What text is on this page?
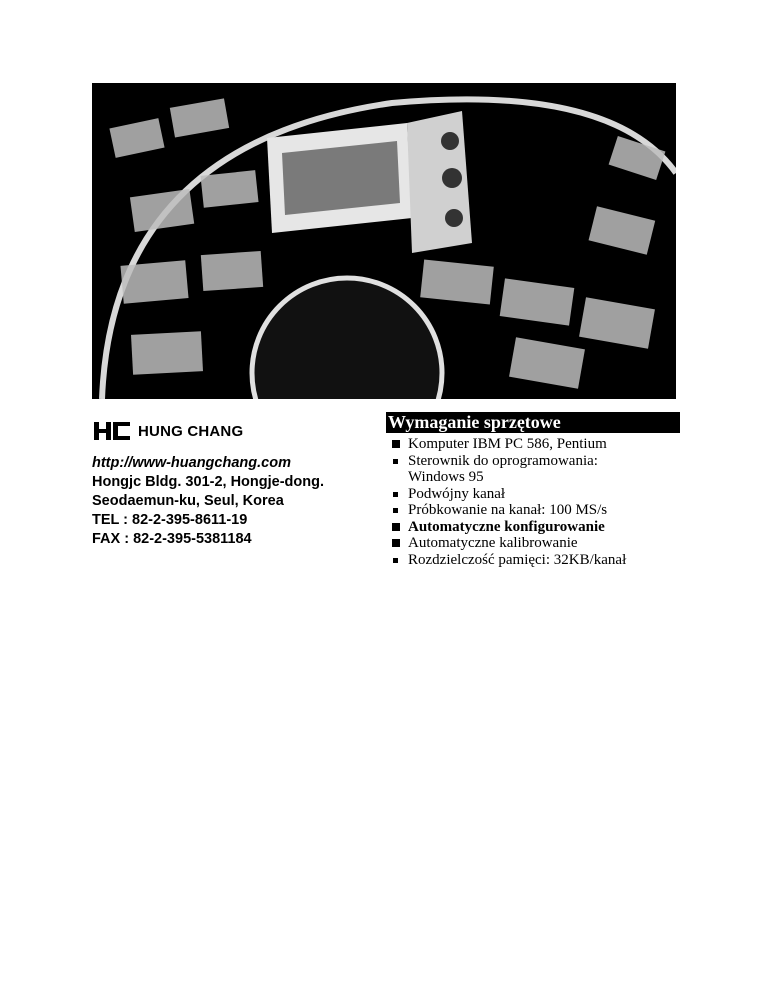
HUNG CHANG
http://www-huangchang.com
Hongjc Bldg. 301-2, Hongje-dong.
Seodaemun-ku, Seul, Korea
TEL : 82-2-395-8611-19
FAX : 82-2-395-5381184
Wymaganie sprzętowe
Komputer IBM PC 586, Pentium
Sterownik do oprogramowania:
Windows 95
Podwójny kanał
Próbkowanie na kanał: 100 MS/s
Automatyczne konfigurowanie
Automatyczne kalibrowanie
Rozdzielczość pamięci: 32KB/kanał
